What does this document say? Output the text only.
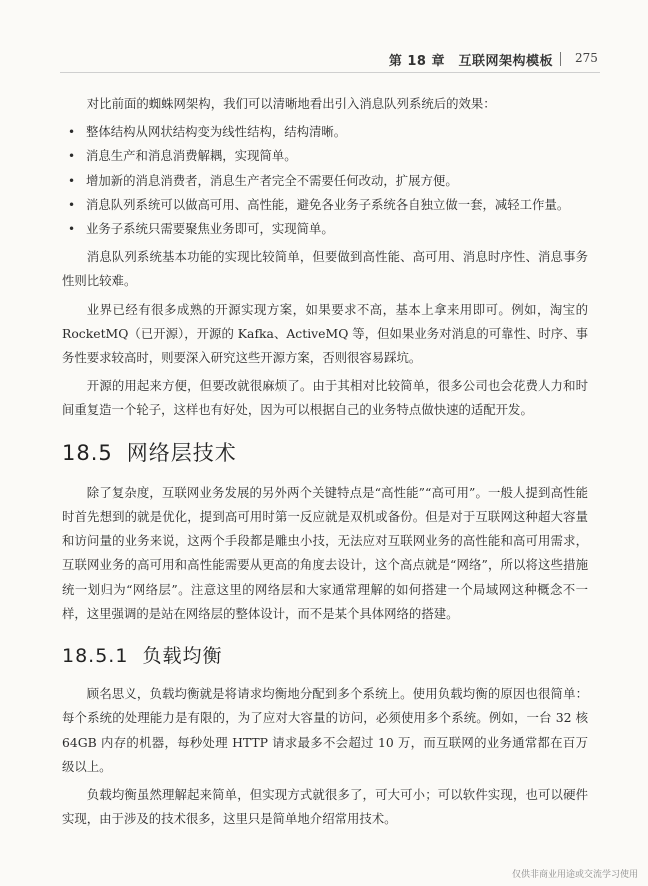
第 18 章　互联网架构模板 275

对比前面的蜘蛛网架构，我们可以清晰地看出引入消息队列系统后的效果：

• 整体结构从网状结构变为线性结构，结构清晰。
• 消息生产和消息消费解耦，实现简单。
• 增加新的消息消费者，消息生产者完全不需要任何改动，扩展方便。
• 消息队列系统可以做高可用、高性能，避免各业务子系统各自独立做一套，减轻工作量。
• 业务子系统只需要聚焦业务即可，实现简单。

消息队列系统基本功能的实现比较简单，但要做到高性能、高可用、消息时序性、消息事务性则比较难。

业界已经有很多成熟的开源实现方案，如果要求不高，基本上拿来用即可。例如，淘宝的 RocketMQ（已开源），开源的 Kafka、ActiveMQ 等，但如果业务对消息的可靠性、时序、事务性要求较高时，则要深入研究这些开源方案，否则很容易踩坑。

开源的用起来方便，但要改就很麻烦了。由于其相对比较简单，很多公司也会花费人力和时间重复造一个轮子，这样也有好处，因为可以根据自己的业务特点做快速的适配开发。

18.5 网络层技术

除了复杂度，互联网业务发展的另外两个关键特点是“高性能”“高可用”。一般人提到高性能时首先想到的就是优化，提到高可用时第一反应就是双机或备份。但是对于互联网这种超大容量和访问量的业务来说，这两个手段都是雕虫小技，无法应对互联网业务的高性能和高可用需求，互联网业务的高可用和高性能需要从更高的角度去设计，这个高点就是“网络”，所以将这些措施统一划归为“网络层”。注意这里的网络层和大家通常理解的如何搭建一个局域网这种概念不一样，这里强调的是站在网络层的整体设计，而不是某个具体网络的搭建。

18.5.1 负载均衡

顾名思义，负载均衡就是将请求均衡地分配到多个系统上。使用负载均衡的原因也很简单：每个系统的处理能力是有限的，为了应对大容量的访问，必须使用多个系统。例如，一台 32 核 64GB 内存的机器，每秒处理 HTTP 请求最多不会超过 10 万，而互联网的业务通常都在百万级以上。

负载均衡虽然理解起来简单，但实现方式就很多了，可大可小；可以软件实现，也可以硬件实现，由于涉及的技术很多，这里只是简单地介绍常用技术。

仅供非商业用途或交流学习使用
